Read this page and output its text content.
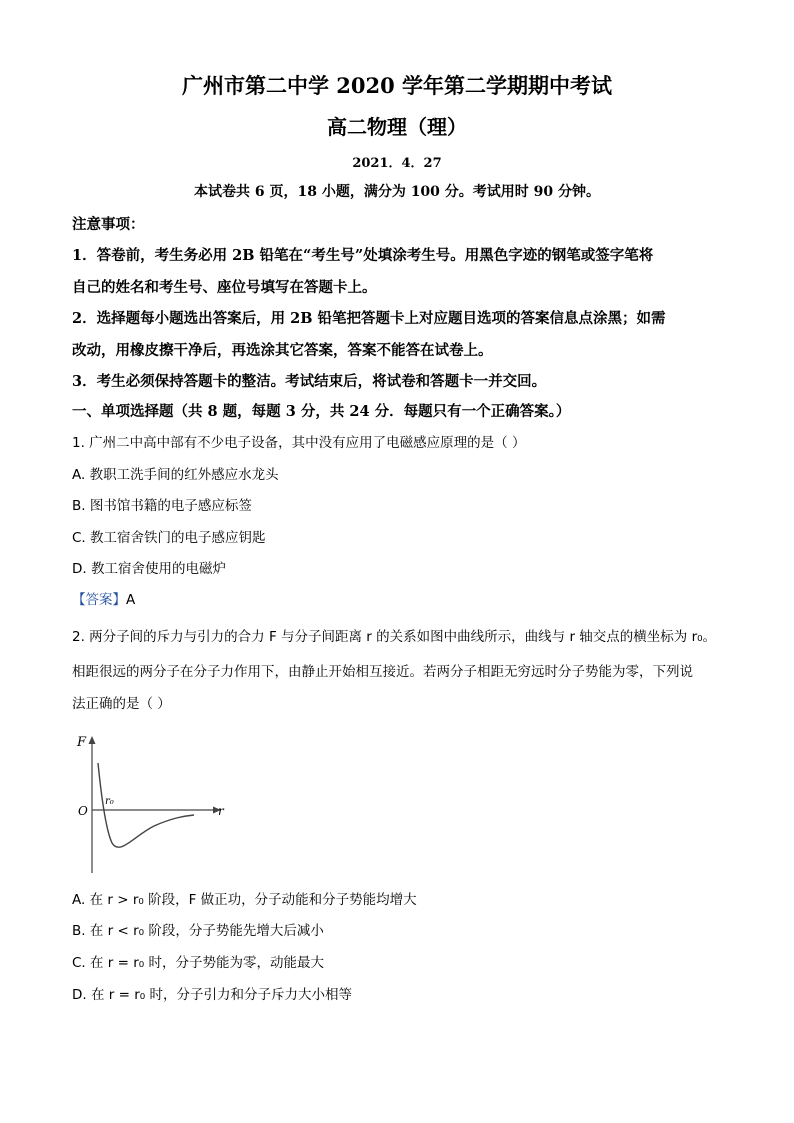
广州市第二中学 2020 学年第二学期期中考试
高二物理（理）
2021．4．27
本试卷共 6 页，18 小题，满分为 100 分。考试用时 90 分钟。
注意事项：
1．答卷前，考生务必用 2B 铅笔在“考生号”处填涂考生号。用黑色字迹的钢笔或签字笔将
自己的姓名和考生号、座位号填写在答题卡上。
2．选择题每小题选出答案后，用 2B 铅笔把答题卡上对应题目选项的答案信息点涂黑；如需
改动，用橡皮擦干净后，再选涂其它答案，答案不能答在试卷上。
3．考生必须保持答题卡的整洁。考试结束后，将试卷和答题卡一并交回。
一、单项选择题（共 8 题，每题 3 分，共 24 分．每题只有一个正确答案。）
1. 广州二中高中部有不少电子设备，其中没有应用了电磁感应原理的是（ ）
A. 教职工洗手间的红外感应水龙头
B. 图书馆书籍的电子感应标签
C. 教工宿舍铁门的电子感应钥匙
D. 教工宿舍使用的电磁炉
【答案】A
2. 两分子间的斥力与引力的合力 F 与分子间距离 r 的关系如图中曲线所示，曲线与 r 轴交点的横坐标为 r₀。
相距很远的两分子在分子力作用下，由静止开始相互接近。若两分子相距无穷远时分子势能为零，下列说
法正确的是（ ）
F
r
O
r₀
A. 在 r > r₀ 阶段，F 做正功，分子动能和分子势能均增大
B. 在 r < r₀ 阶段，分子势能先增大后减小
C. 在 r = r₀ 时，分子势能为零，动能最大
D. 在 r = r₀ 时，分子引力和分子斥力大小相等
